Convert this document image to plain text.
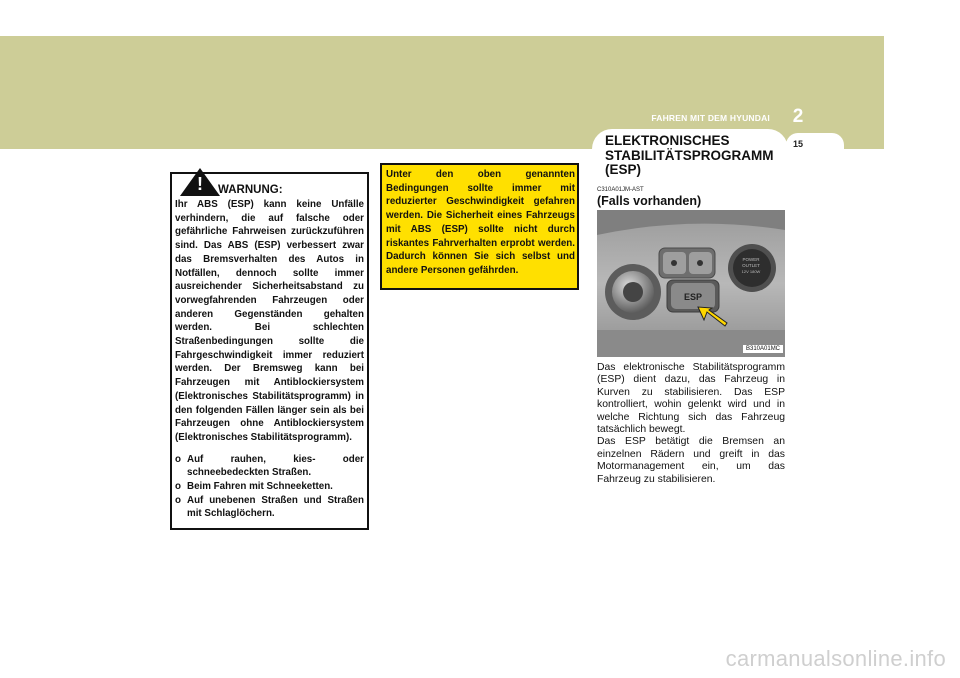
FAHREN MIT DEM HYUNDAI	2
15
ELEKTRONISCHES
STABILITÄTSPROGRAMM
(ESP)
!	WARNUNG:

Ihr ABS (ESP) kann keine Unfälle verhindern, die auf falsche oder gefährliche Fahrweisen zurückzuführen sind. Das ABS (ESP) verbessert zwar das Bremsverhalten des Autos in Notfällen, dennoch sollte immer ausreichender Sicherheitsabstand zu vorwegfahrenden Fahrzeugen oder anderen Gegenständen gehalten werden. Bei schlechten Straßenbedingungen sollte die Fahrgeschwindigkeit immer reduziert werden. Der Bremsweg kann bei Fahrzeugen mit Antiblockiersystem (Elektronisches Stabilitätsprogramm) in den folgenden Fällen länger sein als bei Fahrzeugen ohne Antiblockiersystem (Elektronisches Stabilitätsprogramm).

o Auf rauhen, kies- oder schneebedeckten Straßen.
o Beim Fahren mit Schneeketten.
o Auf unebenen Straßen und Straßen mit Schlaglöchern.
Unter den oben genannten Bedingungen sollte immer mit reduzierter Geschwindigkeit gefahren werden. Die Sicherheit eines Fahrzeugs mit ABS (ESP) sollte nicht durch riskantes Fahrverhalten erprobt werden. Dadurch können Sie sich selbst und andere Personen gefährden.
C310A01JM-AST
(Falls vorhanden)
ESP
POWER
OUTLET
12V 180W
B310A01MC

Das elektronische Stabilitätsprogramm (ESP) dient dazu, das Fahrzeug in Kurven zu stabilisieren. Das ESP kontrolliert, wohin gelenkt wird und in welche Richtung sich das Fahrzeug tatsächlich bewegt.

Das ESP betätigt die Bremsen an einzelnen Rädern und greift in das Motormanagement ein, um das Fahrzeug zu stabilisieren.

carmanualsonline.info
